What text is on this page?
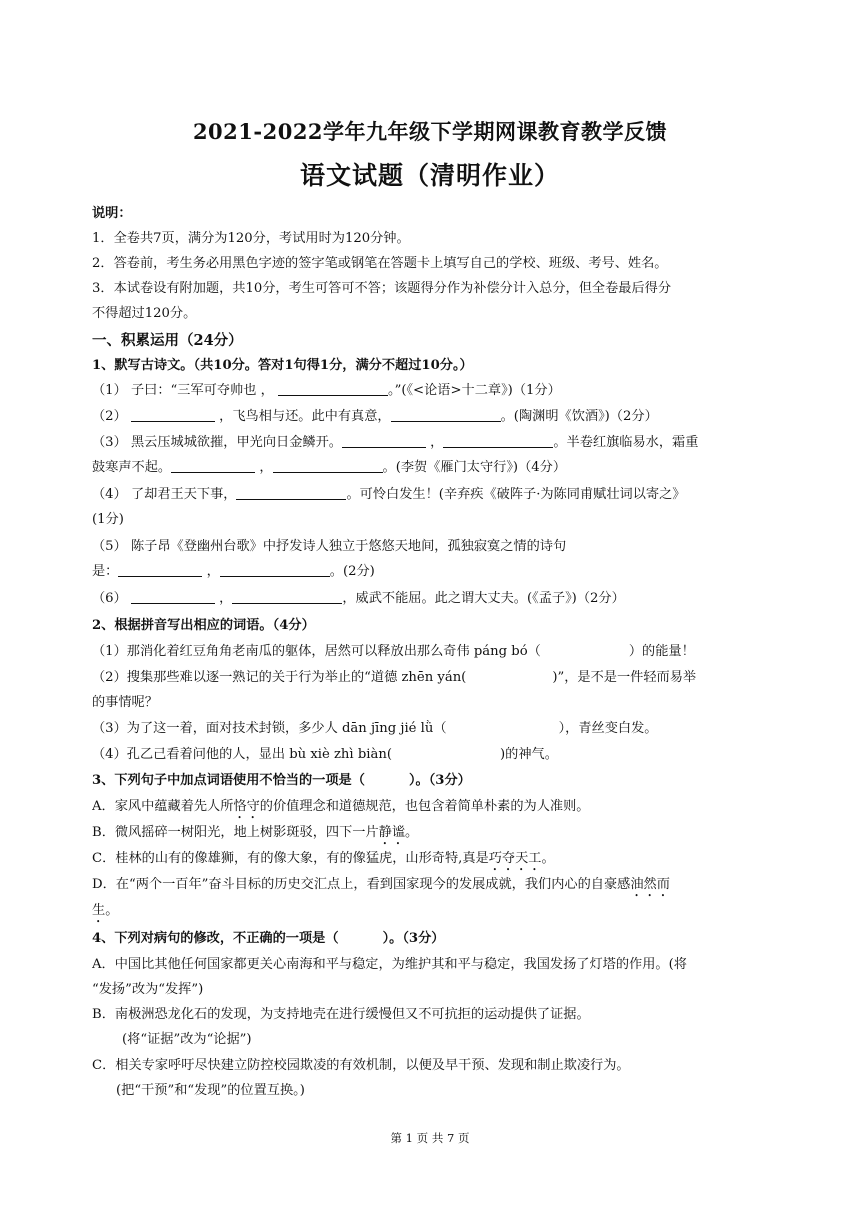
2021-2022学年九年级下学期网课教育教学反馈
语文试题（清明作业）
说明：
1．全卷共7页，满分为120分，考试用时为120分钟。
2．答卷前，考生务必用黑色字迹的签字笔或钢笔在答题卡上填写自己的学校、班级、考号、姓名。
3．本试卷设有附加题，共10分，考生可答可不答；该题得分作为补偿分计入总分，但全卷最后得分
不得超过120分。
一、积累运用（24分）
1、默写古诗文。（共10分。答对1句得1分，满分不超过10分。）
（1） 子曰：“三军可夺帅也 ，	。”(《<论语>十二章》)（1分）
（2）	，飞鸟相与还。此中有真意，	。(陶渊明《饮酒》)（2分）
（3） 黑云压城城欲摧，甲光向日金鳞开。	，	。半卷红旗临易水，霜重
鼓寒声不起。	，	。(李贺《雁门太守行》)（4分）
（4） 了却君王天下事，	。可怜白发生！(辛弃疾《破阵子·为陈同甫赋壮词以寄之》
(1分)
（5） 陈子昂《登幽州台歌》中抒发诗人独立于悠悠天地间，孤独寂寞之情的诗句
是：	，	。(2分)
（6）	，	，威武不能屈。此之谓大丈夫。(《孟子》)（2分）
2、根据拼音写出相应的词语。（4分）
（1）那消化着红豆角角老南瓜的躯体，居然可以释放出那么奇伟 páng bó（	）的能量！
（2）搜集那些难以逐一熟记的关于行为举止的“道德 zhēn yán(	)”，是不是一件轻而易举
的事情呢？
（3）为了这一着，面对技术封锁，多少人 dān jīng jié lǜ（	），青丝变白发。
（4）孔乙己看着问他的人，显出 bù xiè zhì biàn(	)的神气。
3、下列句子中加点词语使用不恰当的一项是（	）。（3分）
A．家风中蕴藏着先人所恪守的价值理念和道德规范，也包含着简单朴素的为人准则。
B．微风摇碎一树阳光，地上树影斑驳，四下一片静谧。
C．桂林的山有的像雄狮，有的像大象，有的像猛虎，山形奇特,真是巧夺天工。
D．在“两个一百年”奋斗目标的历史交汇点上，看到国家现今的发展成就，我们内心的自豪感油然而
生。
4、下列对病句的修改，不正确的一项是（	）。（3分）
A．中国比其他任何国家都更关心南海和平与稳定，为维护其和平与稳定，我国发扬了灯塔的作用。(将
“发扬”改为“发挥”)
B．南极洲恐龙化石的发现，为支持地壳在进行缓慢但又不可抗拒的运动提供了证据。
(将“证据”改为“论据”)
C．相关专家呼吁尽快建立防控校园欺凌的有效机制，以便及早干预、发现和制止欺凌行为。
(把“干预”和“发现”的位置互换。)
第 1 页 共 7 页
